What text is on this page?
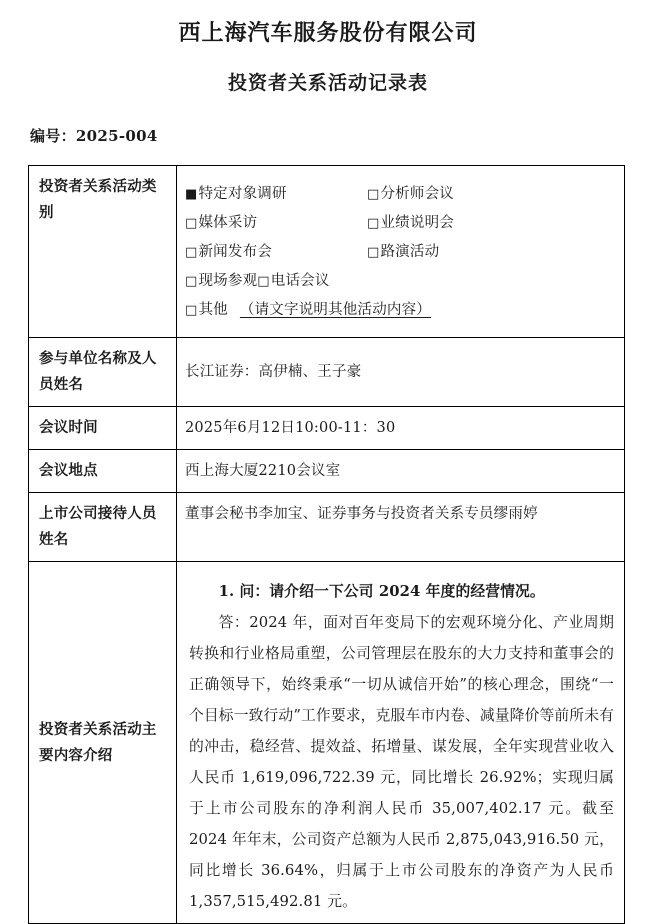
西上海汽车服务股份有限公司
投资者关系活动记录表
编号：2025-004
投资者关系活动类别	
■特定对象调研	□分析师会议
□媒体采访	□业绩说明会
□新闻发布会	□路演活动
□现场参观 □电话会议
□其他 （请文字说明其他活动内容）

参与单位名称及人员姓名	长江证券：高伊楠、王子豪
会议时间	2025年6月12日10:00-11：30
会议地点	西上海大厦2210会议室
上市公司接待人员姓名	董事会秘书李加宝、证券事务与投资者关系专员缪雨婷
投资者关系活动主要内容介绍	1. 问：请介绍一下公司 2024 年度的经营情况。

答：2024 年，面对百年变局下的宏观环境分化、产业周期转换和行业格局重塑，公司管理层在股东的大力支持和董事会的正确领导下，始终秉承“一切从诚信开始”的核心理念，围绕“一个目标一致行动”工作要求，克服车市内卷、减量降价等前所未有的冲击，稳经营、提效益、拓增量、谋发展，全年实现营业收入人民币 1,619,096,722.39 元，同比增长 26.92%；实现归属于上市公司股东的净利润人民币 35,007,402.17 元。截至 2024 年年末，公司资产总额为人民币 2,875,043,916.50 元，同比增长 36.64%，归属于上市公司股东的净资产为人民币 1,357,515,492.81 元。
